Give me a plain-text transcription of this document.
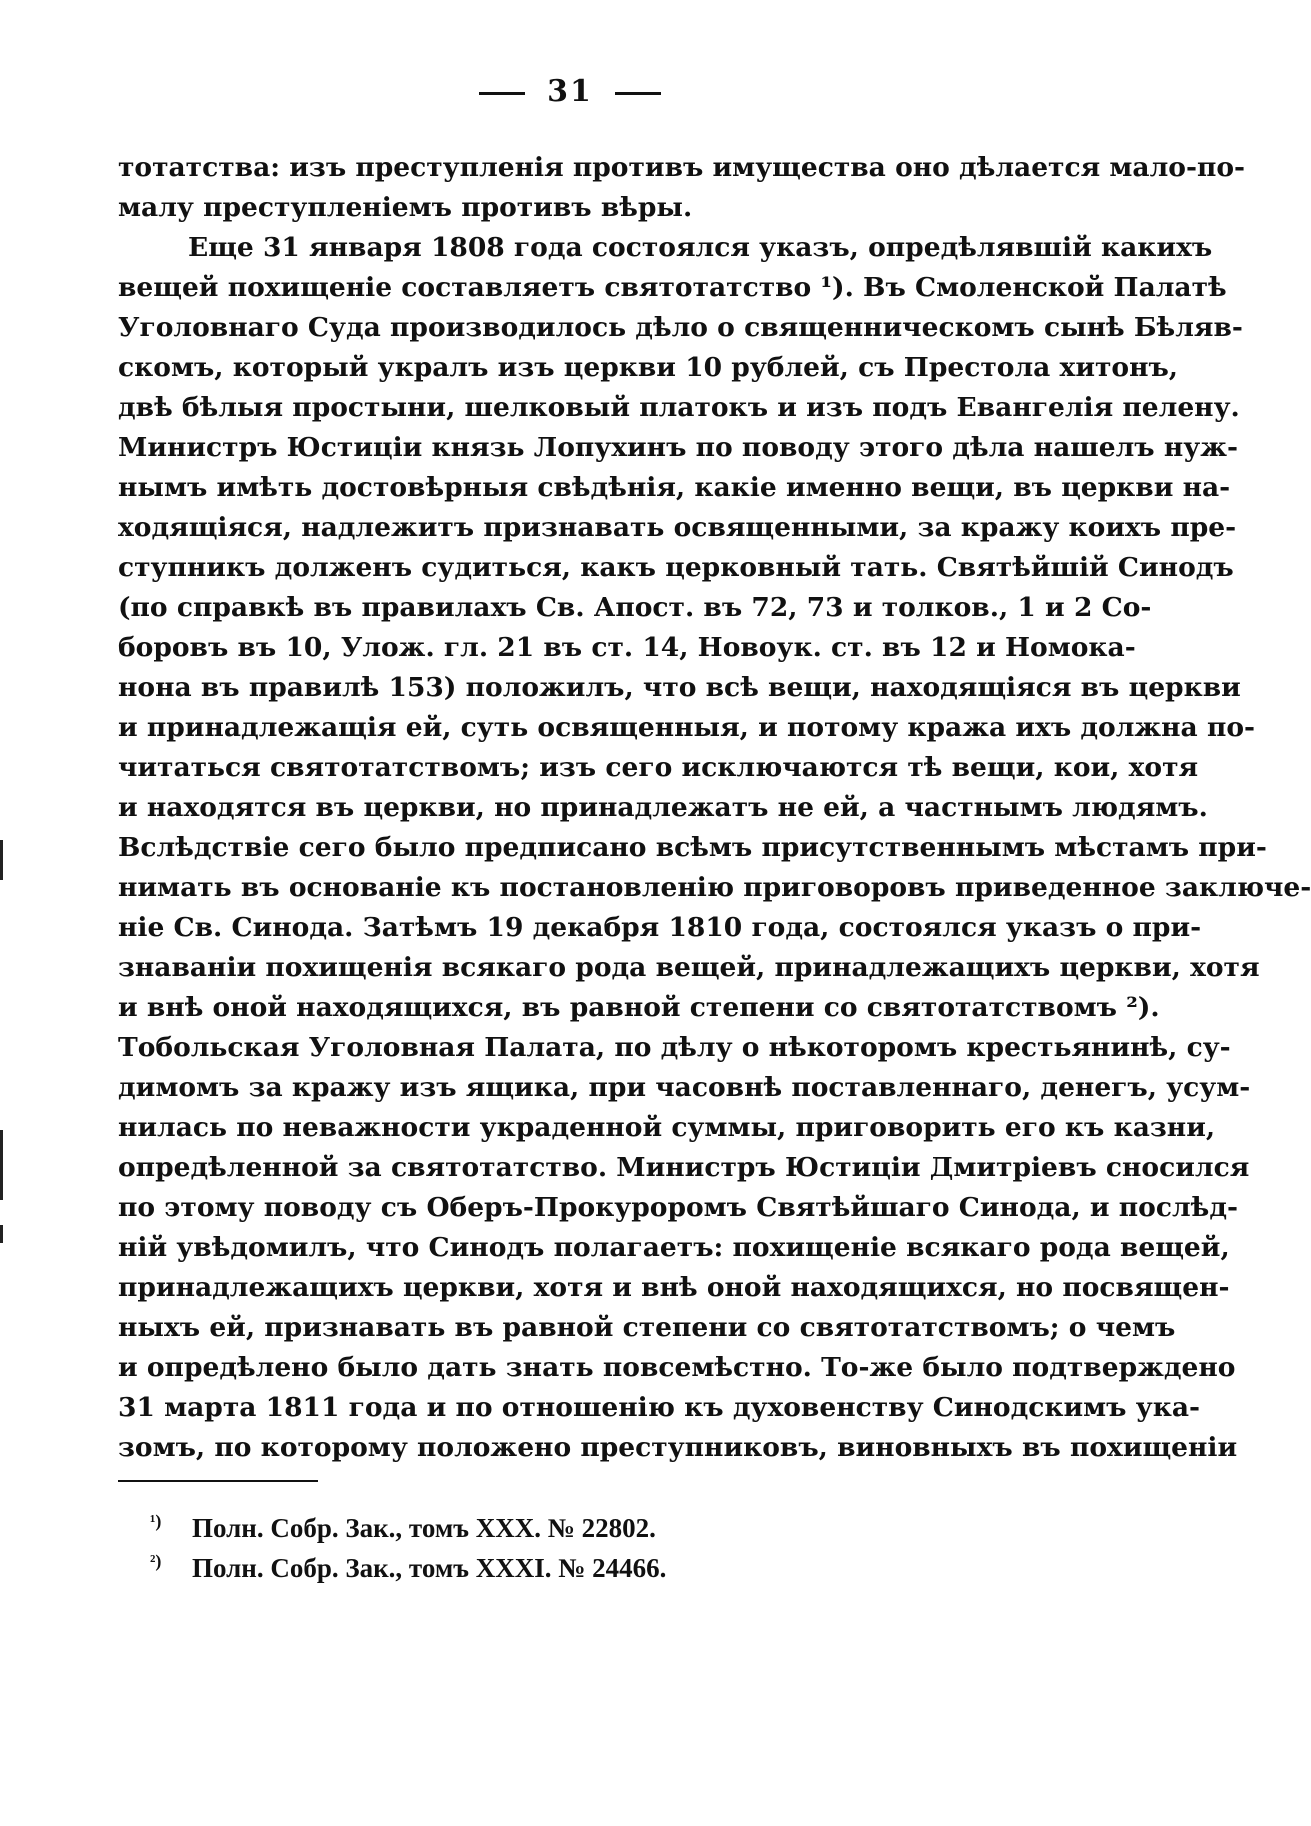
31
тотатства: изъ преступленія противъ имущества оно дѣлается мало-по-
малу преступленіемъ противъ вѣры.
Еще 31 января 1808 года состоялся указъ, опредѣлявшій какихъ
вещей похищеніе составляетъ святотатство ¹). Въ Смоленской Палатѣ
Уголовнаго Суда производилось дѣло о священническомъ сынѣ Бѣляв-
скомъ, который укралъ изъ церкви 10 рублей, съ Престола хитонъ,
двѣ бѣлыя простыни, шелковый платокъ и изъ подъ Евангелія пелену.
Министръ Юстиціи князь Лопухинъ по поводу этого дѣла нашелъ нуж-
нымъ имѣть достовѣрныя свѣдѣнія, какіе именно вещи, въ церкви на-
ходящіяся, надлежитъ признавать освященными, за кражу коихъ пре-
ступникъ долженъ судиться, какъ церковный тать. Святѣйшій Синодъ
(по справкѣ въ правилахъ Св. Апост. въ 72, 73 и толков., 1 и 2 Со-
боровъ въ 10, Улож. гл. 21 въ ст. 14, Новоук. ст. въ 12 и Номока-
нона въ правилѣ 153) положилъ, что всѣ вещи, находящіяся въ церкви
и принадлежащія ей, суть освященныя, и потому кража ихъ должна по-
читаться святотатствомъ; изъ сего исключаются тѣ вещи, кои, хотя
и находятся въ церкви, но принадлежатъ не ей, а частнымъ людямъ.
Вслѣдствіе сего было предписано всѣмъ присутственнымъ мѣстамъ при-
нимать въ основаніе къ постановленію приговоровъ приведенное заключе-
ніе Св. Синода. Затѣмъ 19 декабря 1810 года, состоялся указъ о при-
знаваніи похищенія всякаго рода вещей, принадлежащихъ церкви, хотя
и внѣ оной находящихся, въ равной степени со святотатствомъ ²).
Тобольская Уголовная Палата, по дѣлу о нѣкоторомъ крестьянинѣ, су-
димомъ за кражу изъ ящика, при часовнѣ поставленнаго, денегъ, усум-
нилась по неважности украденной суммы, приговорить его къ казни,
опредѣленной за святотатство. Министръ Юстиціи Дмитріевъ сносился
по этому поводу съ Оберъ-Прокуроромъ Святѣйшаго Синода, и послѣд-
ній увѣдомилъ, что Синодъ полагаетъ: похищеніе всякаго рода вещей,
принадлежащихъ церкви, хотя и внѣ оной находящихся, но посвящен-
ныхъ ей, признавать въ равной степени со святотатствомъ; о чемъ
и опредѣлено было дать знать повсемѣстно. То-же было подтверждено
31 марта 1811 года и по отношенію къ духовенству Синодскимъ ука-
зомъ, по которому положено преступниковъ, виновныхъ въ похищеніи
¹) Полн. Собр. Зак., томъ XXX. № 22802.
²) Полн. Собр. Зак., томъ XXXI. № 24466.
